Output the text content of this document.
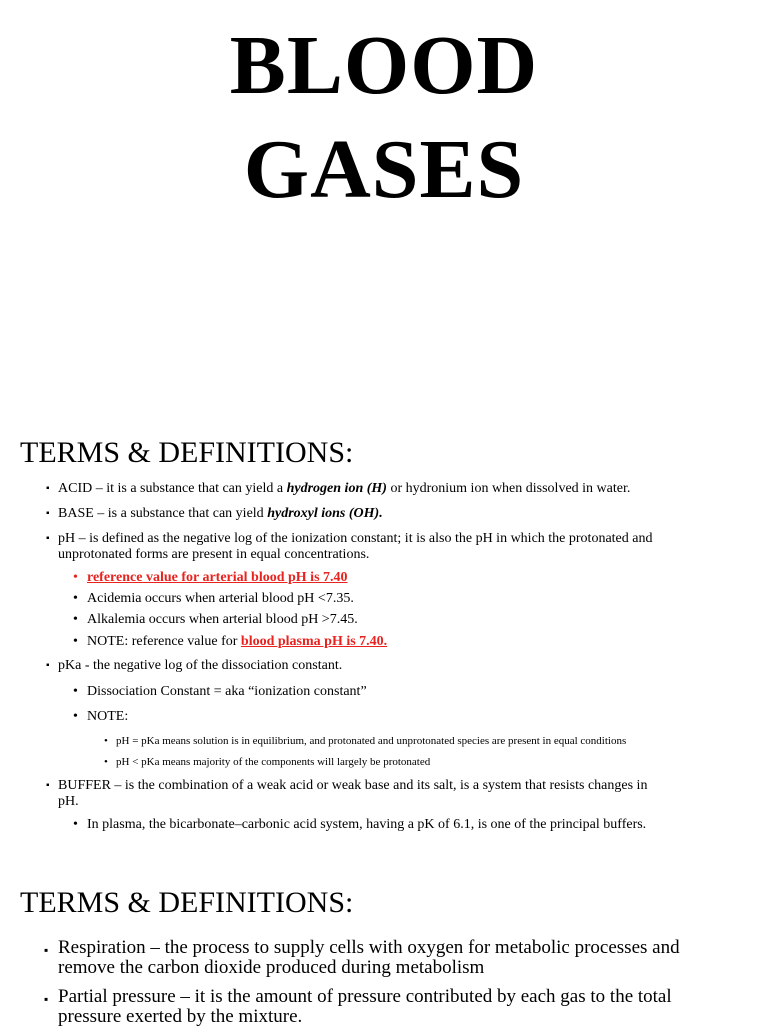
BLOOD
GASES
TERMS & DEFINITIONS:
▪ ACID – it is a substance that can yield a hydrogen ion (H) or hydronium ion when dissolved in water.
▪ BASE – is a substance that can yield hydroxyl ions (OH).
▪ pH – is defined as the negative log of the ionization constant; it is also the pH in which the protonated and
unprotonated forms are present in equal concentrations.
• reference value for arterial blood pH is 7.40
• Acidemia occurs when arterial blood pH <7.35.
• Alkalemia occurs when arterial blood pH >7.45.
• NOTE: reference value for blood plasma pH is 7.40.
▪ pKa - the negative log of the dissociation constant.
• Dissociation Constant = aka “ionization constant”
• NOTE:
• pH = pKa means solution is in equilibrium, and protonated and unprotonated species are present in equal conditions
• pH < pKa means majority of the components will largely be protonated
▪ BUFFER – is the combination of a weak acid or weak base and its salt, is a system that resists changes in
pH.
• In plasma, the bicarbonate–carbonic acid system, having a pK of 6.1, is one of the principal buffers.
TERMS & DEFINITIONS:
▪ Respiration – the process to supply cells with oxygen for metabolic processes and
remove the carbon dioxide produced during metabolism
▪ Partial pressure – it is the amount of pressure contributed by each gas to the total
pressure exerted by the mixture.
